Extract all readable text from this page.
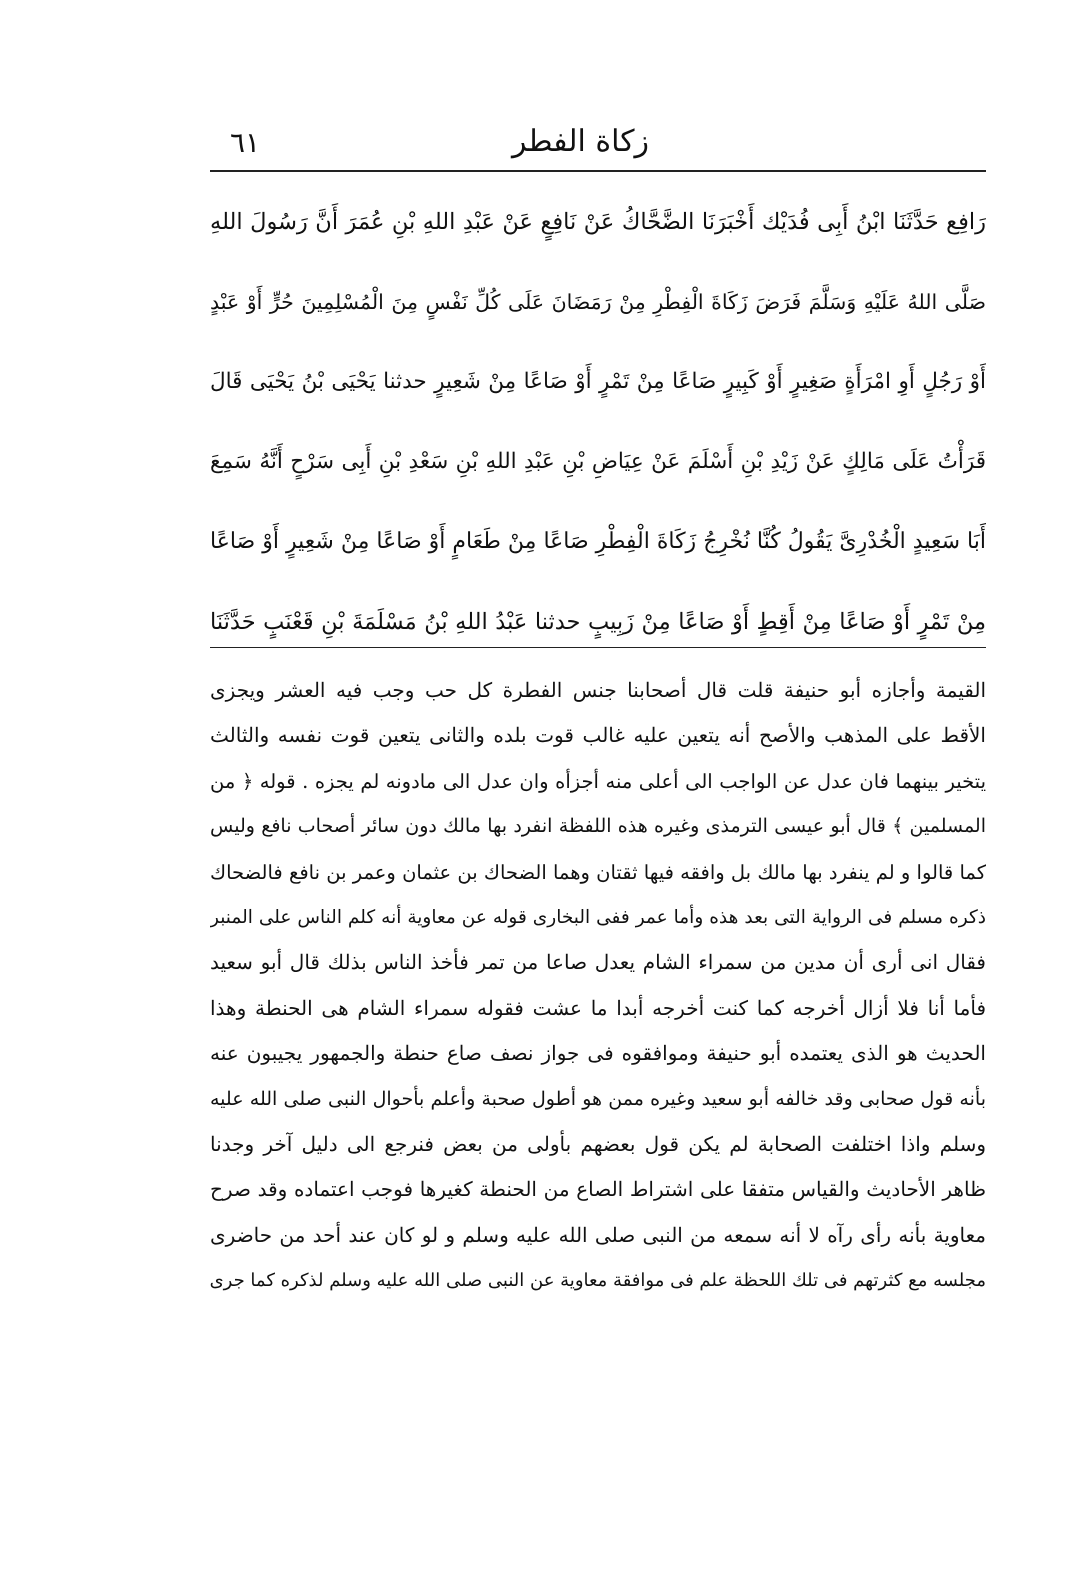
زكاة الفطر
٦١
رَافِع حَدَّثَنَا ابْنُ أَبِى فُدَيْك أَخْبَرَنَا الضَّحَّاكُ عَنْ نَافِعٍ عَنْ عَبْدِ اللهِ بْنِ عُمَرَ أَنَّ رَسُولَ اللهِ
صَلَّى اللهُ عَلَيْهِ وَسَلَّمَ فَرَضَ زَكَاةَ الْفِطْرِ مِنْ رَمَضَانَ عَلَى كُلِّ نَفْسٍ مِنَ الْمُسْلِمِينَ حُرٍّ أَوْ عَبْدٍ
أَوْ رَجُلٍ أَوِ امْرَأَةٍ صَغِيرٍ أَوْ كَبِيرٍ صَاعًا مِنْ تَمْرٍ أَوْ صَاعًا مِنْ شَعِيرٍ حدثنا يَحْيَى بْنُ يَحْيَى قَالَ
قَرَأْتُ عَلَى مَالِكٍ عَنْ زَيْدِ بْنِ أَسْلَمَ عَنْ عِيَاضِ بْنِ عَبْدِ اللهِ بْنِ سَعْدِ بْنِ أَبِى سَرْحٍ أَنَّهُ سَمِعَ
أَبَا سَعِيدٍ الْخُدْرِىَّ يَقُولُ كُنَّا نُخْرِجُ زَكَاةَ الْفِطْرِ صَاعًا مِنْ طَعَامٍ أَوْ صَاعًا مِنْ شَعِيرٍ أَوْ صَاعًا
مِنْ تَمْرٍ أَوْ صَاعًا مِنْ أَقِطٍ أَوْ صَاعًا مِنْ زَبِيبٍ حدثنا عَبْدُ اللهِ بْنُ مَسْلَمَةَ بْنِ قَعْنَبٍ حَدَّثَنَا
القيمة وأجازه أبو حنيفة قلت قال أصحابنا جنس الفطرة كل حب وجب فيه العشر ويجزى
الأقط على المذهب والأصح أنه يتعين عليه غالب قوت بلده والثانى يتعين قوت نفسه والثالث
يتخير بينهما فان عدل عن الواجب الى أعلى منه أجزأه وان عدل الى مادونه لم يجزه . قوله ﴿ من
المسلمين ﴾ قال أبو عيسى الترمذى وغيره هذه اللفظة انفرد بها مالك دون سائر أصحاب نافع وليس
كما قالوا و لم ينفرد بها مالك بل وافقه فيها ثقتان وهما الضحاك بن عثمان وعمر بن نافع فالضحاك
ذكره مسلم فى الرواية التى بعد هذه وأما عمر ففى البخارى قوله عن معاوية أنه كلم الناس على المنبر
فقال انى أرى أن مدين من سمراء الشام يعدل صاعا من تمر فأخذ الناس بذلك قال أبو سعيد
فأما أنا فلا أزال أخرجه كما كنت أخرجه أبدا ما عشت فقوله سمراء الشام هى الحنطة وهذا
الحديث هو الذى يعتمده أبو حنيفة وموافقوه فى جواز نصف صاع حنطة والجمهور يجيبون عنه
بأنه قول صحابى وقد خالفه أبو سعيد وغيره ممن هو أطول صحبة وأعلم بأحوال النبى صلى الله عليه
وسلم واذا اختلفت الصحابة لم يكن قول بعضهم بأولى من بعض فنرجع الى دليل آخر وجدنا
ظاهر الأحاديث والقياس متفقا على اشتراط الصاع من الحنطة كغيرها فوجب اعتماده وقد صرح
معاوية بأنه رأى رآه لا أنه سمعه من النبى صلى الله عليه وسلم و لو كان عند أحد من حاضرى
مجلسه مع كثرتهم فى تلك اللحظة علم فى موافقة معاوية عن النبى صلى الله عليه وسلم لذكره كما جرى
